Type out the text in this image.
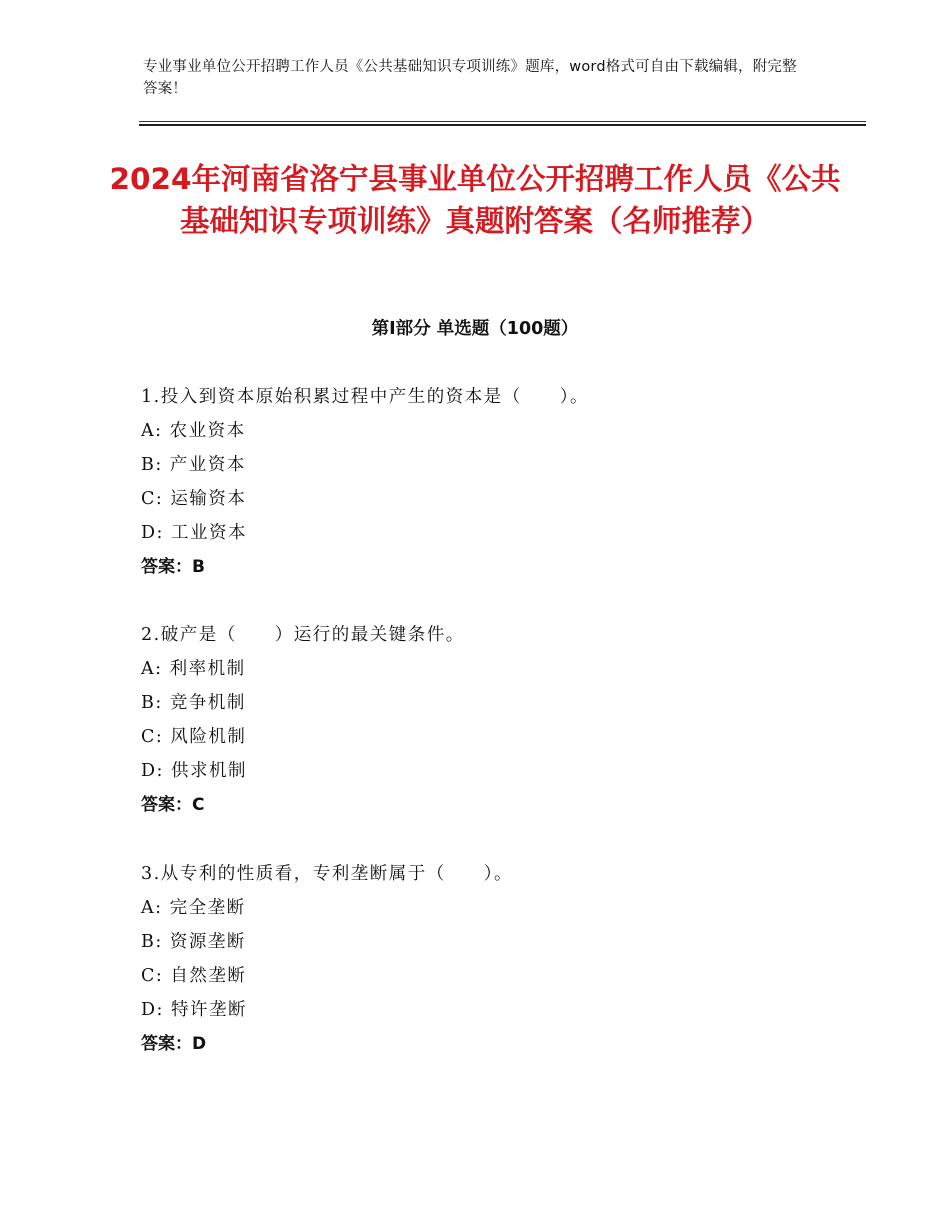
专业事业单位公开招聘工作人员《公共基础知识专项训练》题库，word格式可自由下载编辑，附完整答案！
2024年河南省洛宁县事业单位公开招聘工作人员《公共基础知识专项训练》真题附答案（名师推荐）
第Ⅰ部分 单选题（100题）
1.投入到资本原始积累过程中产生的资本是（　　）。
A: 农业资本
B: 产业资本
C: 运输资本
D: 工业资本
答案：B
2.破产是（　　）运行的最关键条件。
A: 利率机制
B: 竞争机制
C: 风险机制
D: 供求机制
答案：C
3.从专利的性质看，专利垄断属于（　　）。
A: 完全垄断
B: 资源垄断
C: 自然垄断
D: 特许垄断
答案：D
